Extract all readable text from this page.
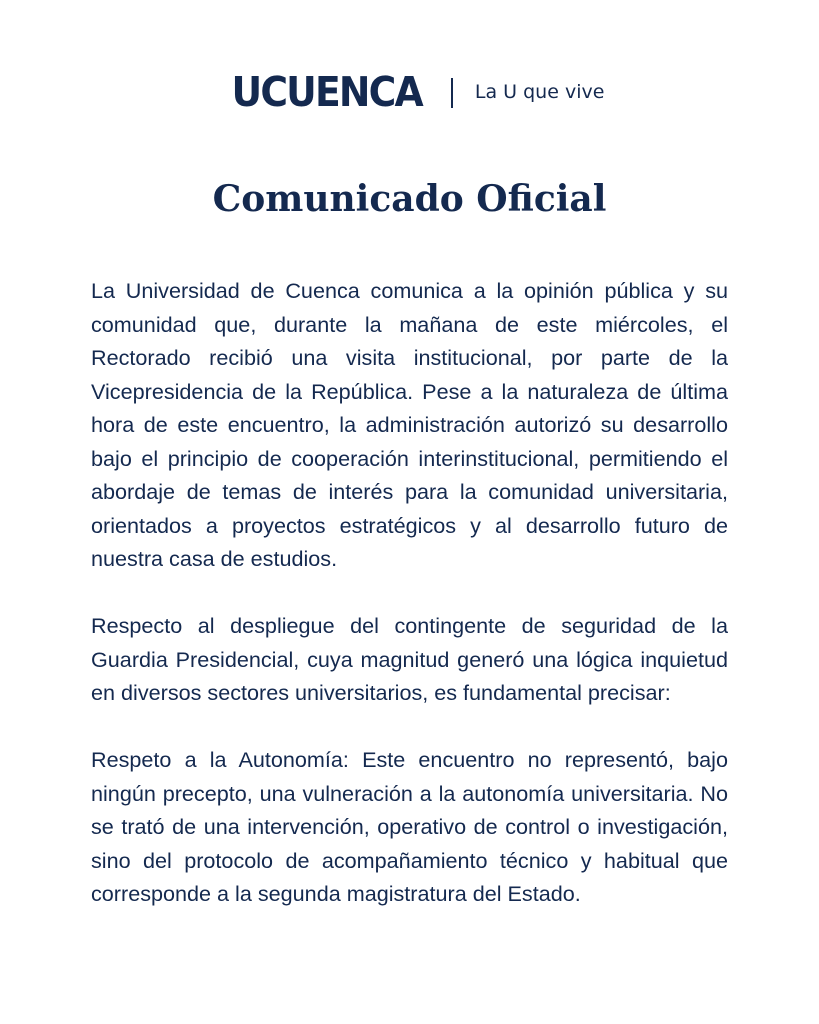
UCUENCA	La U que vive
Comunicado Oficial

La Universidad de Cuenca comunica a la opinión pública y su comunidad que, durante la mañana de este miércoles, el Rectorado recibió una visita institucional, por parte de la Vicepresidencia de la República. Pese a la naturaleza de última hora de este encuentro, la administración autorizó su desarrollo bajo el principio de cooperación interinstitucional, permitiendo el abordaje de temas de interés para la comunidad universitaria, orientados a proyectos estratégicos y al desarrollo futuro de nuestra casa de estudios.

Respecto al despliegue del contingente de seguridad de la Guardia Presidencial, cuya magnitud generó una lógica inquietud en diversos sectores universitarios, es fundamental precisar:

Respeto a la Autonomía: Este encuentro no representó, bajo ningún precepto, una vulneración a la autonomía universitaria. No se trató de una intervención, operativo de control o investigación, sino del protocolo de acompañamiento técnico y habitual que corresponde a la segunda magistratura del Estado.
